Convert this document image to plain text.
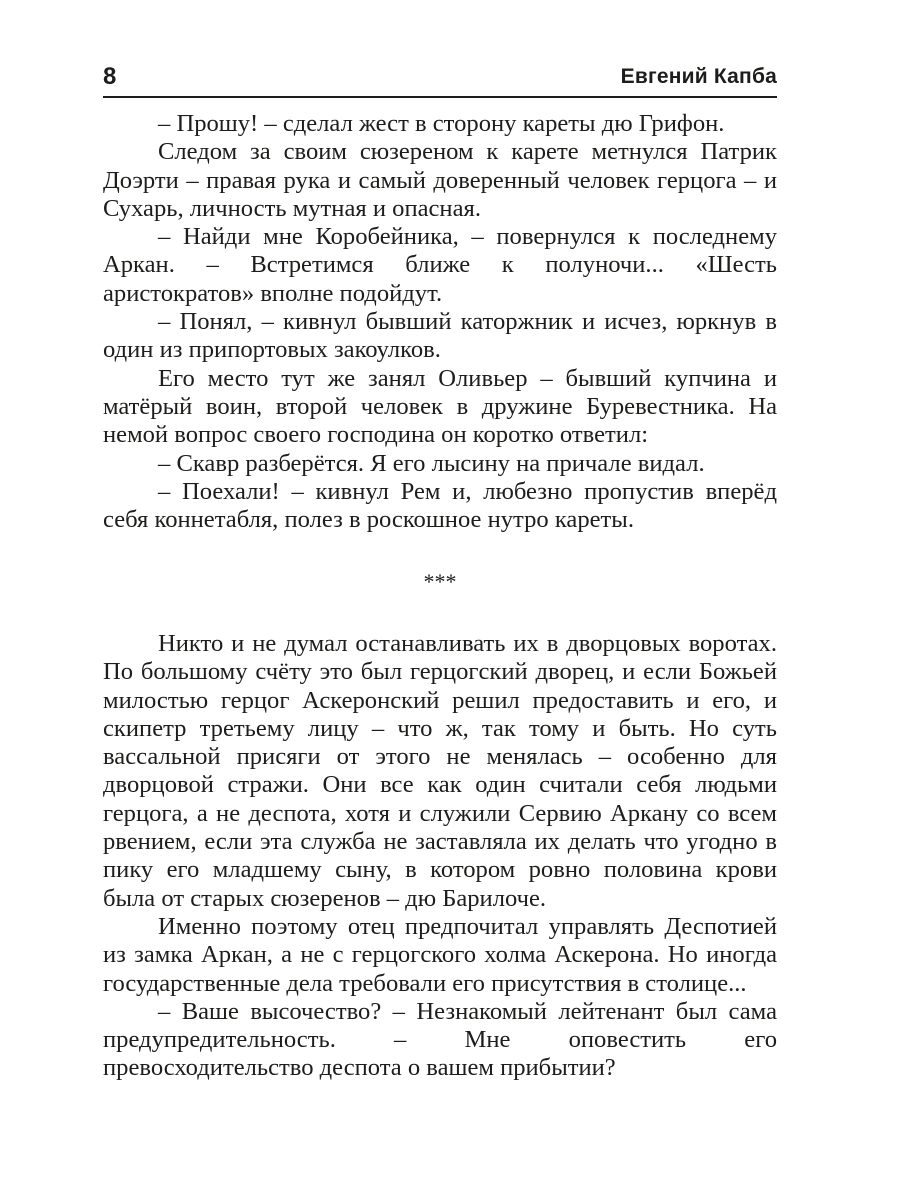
8	Евгений Капба

– Прошу! – сделал жест в сторону кареты дю Грифон.

Следом за своим сюзереном к карете метнулся Патрик Доэрти – правая рука и самый доверенный человек герцога – и Сухарь, личность мутная и опасная.

– Найди мне Коробейника, – повернулся к последнему Аркан. – Встретимся ближе к полуночи... «Шесть аристократов» вполне подойдут.

– Понял, – кивнул бывший каторжник и исчез, юркнув в один из припортовых закоулков.

Его место тут же занял Оливьер – бывший купчина и матёрый воин, второй человек в дружине Буревестника. На немой вопрос своего господина он коротко ответил:

– Скавр разберётся. Я его лысину на причале видал.

– Поехали! – кивнул Рем и, любезно пропустив вперёд себя коннетабля, полез в роскошное нутро кареты.

***

Никто и не думал останавливать их в дворцовых воротах. По большому счёту это был герцогский дворец, и если Божьей милостью герцог Аскеронский решил предоставить и его, и скипетр третьему лицу – что ж, так тому и быть. Но суть вассальной присяги от этого не менялась – особенно для дворцовой стражи. Они все как один считали себя людьми герцога, а не деспота, хотя и служили Сервию Аркану со всем рвением, если эта служба не заставляла их делать что угодно в пику его младшему сыну, в котором ровно половина крови была от старых сюзеренов – дю Барилоче.

Именно поэтому отец предпочитал управлять Деспотией из замка Аркан, а не с герцогского холма Аскерона. Но иногда государственные дела требовали его присутствия в столице...

– Ваше высочество? – Незнакомый лейтенант был сама предупредительность. – Мне оповестить его превосходительство деспота о вашем прибытии?
